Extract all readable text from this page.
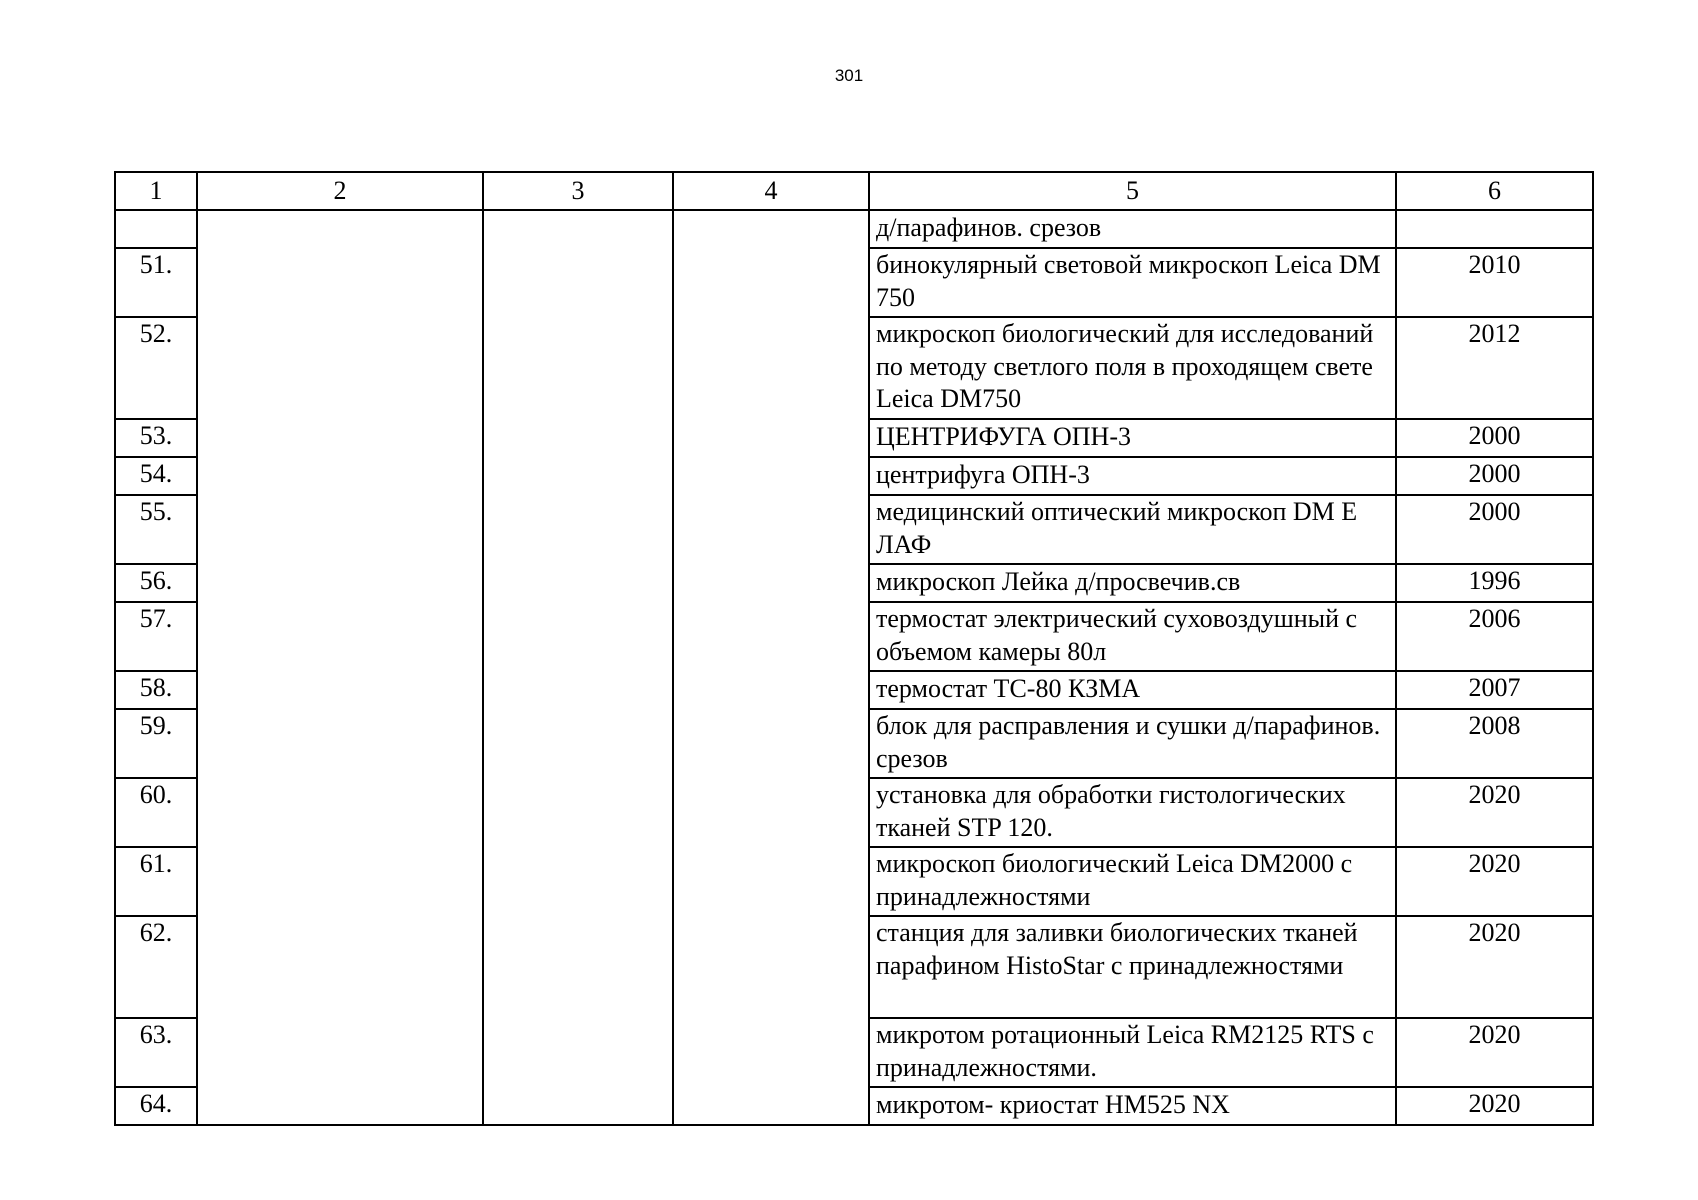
301
1	2	3	4	5	6
				д/парафинов. срезов	
51.				бинокулярный световой микроскоп Leica DM 750	2010
52.				микроскоп биологический для исследований по методу светлого поля в проходящем свете Leica DM750	2012
53.				ЦЕНТРИФУГА ОПН-3	2000
54.				центрифуга ОПН-3	2000
55.				медицинский оптический микроскоп DM E ЛАФ	2000
56.				микроскоп Лейка д/просвечив.св	1996
57.				термостат электрический суховоздушный с объемом камеры 80л	2006
58.				термостат ТС-80 КЗМА	2007
59.				блок для расправления и сушки д/парафинов. срезов	2008
60.				установка для обработки гистологических тканей STP 120.	2020
61.				микроскоп биологический Leica DM2000 с принадлежностями	2020
62.				станция для заливки биологических тканей парафином HistoStar с принадлежностями	2020
63.				микротом ротационный Leica RM2125 RTS с принадлежностями.	2020
64.				микротом- криостат HM525 NX	2020
